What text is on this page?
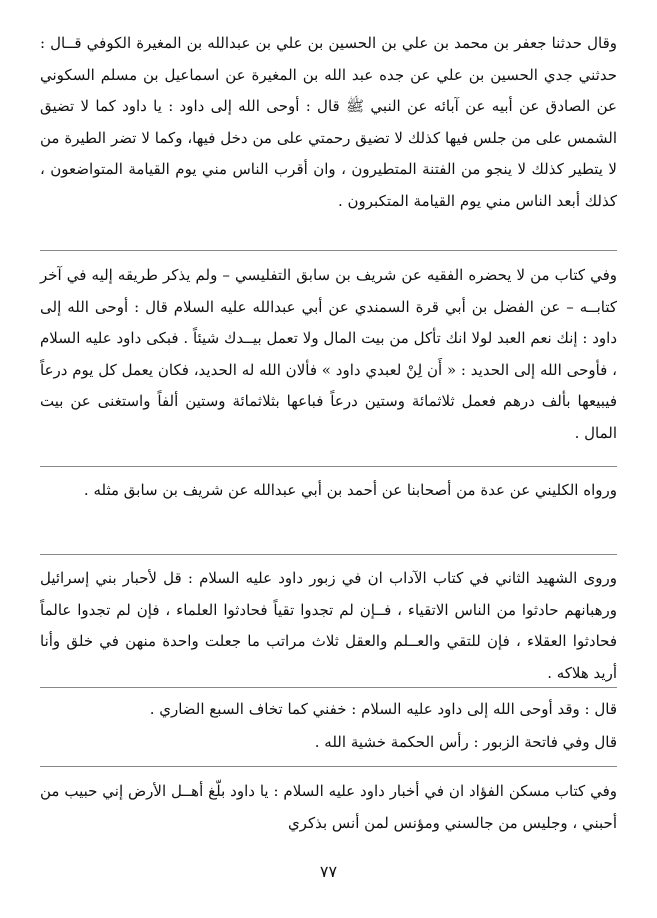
وقال حدثنا جعفر بن محمد بن علي بن الحسين بن علي بن عبدالله بن المغيرة الكوفي قــال : حدثني جدي الحسين بن علي عن جده عبد الله بن المغيرة عن اسماعيل بن مسلم السكوني عن الصادق عن أبيه عن آبائه عن النبي ﷺ قال : أوحى الله إلى داود : يا داود كما لا تضيق الشمس على من جلس فيها كذلك لا تضيق رحمتي على من دخل فيها، وكما لا تضر الطيرة من لا يتطير كذلك لا ينجو من الفتنة المتطيرون ، وان أقرب الناس مني يوم القيامة المتواضعون ، كذلك أبعد الناس مني يوم القيامة المتكبرون .

وفي كتاب من لا يحضره الفقيه عن شريف بن سابق التفليسي – ولم يذكر طريقه إليه في آخر كتابــه – عن الفضل بن أبي قرة السمندي عن أبي عبدالله عليه السلام قال : أوحى الله إلى داود : إنك نعم العبد لولا انك تأكل من بيت المال ولا تعمل بيــدك شيئاً . فبكى داود عليه السلام ، فأوحى الله إلى الحديد : « أَن لِنْ لعبدي داود » فألان الله له الحديد، فكان يعمل كل يوم درعاً فيبيعها بألف درهم فعمل ثلاثمائة وستين درعاً فباعها بثلاثمائة وستين ألفاً واستغنى عن بيت المال .

ورواه الكليني عن عدة من أصحابنا عن أحمد بن أبي عبدالله عن شريف بن سابق مثله .

وروى الشهيد الثاني في كتاب الآداب ان في زبور داود عليه السلام : قل لأحبار بني إسرائيل ورهبانهم حادثوا من الناس الاتقياء ، فــإن لم تجدوا تقياً فحادثوا العلماء ، فإن لم تجدوا عالماً فحادثوا العقلاء ، فإن للتقي والعــلم والعقل ثلاث مراتب ما جعلت واحدة منهن في خلق وأنا أريد هلاكه .

قال : وقد أوحى الله إلى داود عليه السلام : خفني كما تخاف السبع الضاري .

قال وفي فاتحة الزبور : رأس الحكمة خشية الله .

وفي كتاب مسكن الفؤاد ان في أخبار داود عليه السلام : يا داود بلّغ أهــل الأرض إني حبيب من أحبني ، وجليس من جالسني ومؤنس لمن أنس بذكري

٧٧
